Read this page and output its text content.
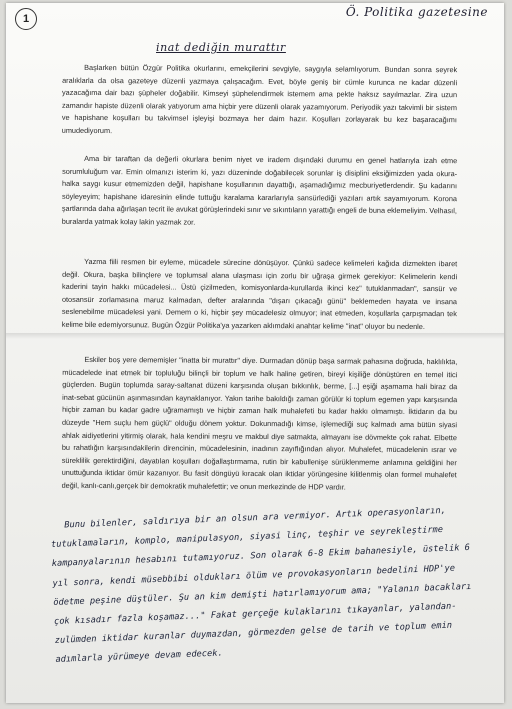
1	Ö. Politika gazetesine
inat dediğin murattır

Başlarken bütün Özgür Politika okurlarını, emekçilerini sevgiyle, saygıyla selamlıyorum. Bundan sonra seyrek aralıklarla da olsa gazeteye düzenli yazmaya çalışacağım. Evet, böyle geniş bir cümle kurunca ne kadar düzenli yazacağıma dair bazı şüpheler doğabilir. Kimseyi şüphelendirmek istemem ama pekte haksız sayılmazlar. Zira uzun zamandır hapiste düzenli olarak yatıyorum ama hiçbir yere düzenli olarak yazamıyorum. Periyodik yazı takvimli bir sistem ve hapishane koşulları bu takvimsel işleyişi bozmaya her daim hazır. Koşulları zorlayarak bu kez başaracağımı umudediyorum.

Ama bir taraftan da değerli okurlara benim niyet ve iradem dışındaki durumu en genel hatlarıyla izah etme sorumluluğum var. Emin olmanızı isterim ki, yazı düzeninde doğabilecek sorunlar iş disiplini eksiğimizden yada okura-halka saygı kusur etmemizden değil, hapishane koşullarının dayattığı, aşamadığımız mecburiyetlerdendir. Şu kadarını söyleyeyim; hapishane idaresinin elinde tuttuğu karalama kararlarıyla sansürlediği yazıları artık sayamıyorum. Korona şartlarında daha ağırlaşan tecrit ile avukat görüşlerindeki sınır ve sıkıntıların yarattığı engeli de buna eklemeliyim. Velhasıl, buralarda yatmak kolay lakin yazmak zor.

Yazma fiili resmen bir eyleme, mücadele sürecine dönüşüyor. Çünkü sadece kelimeleri kağıda dizmekten ibaret değil. Okura, başka bilinçlere ve toplumsal alana ulaşması için zorlu bir uğraşa girmek gerekiyor: Kelimelerin kendi kaderini tayin hakkı mücadelesi... Üstü çizilmeden, komisyonlarda-kurullarda ikinci kez" tutuklanmadan", sansür ve otosansür zorlamasına maruz kalmadan, defter aralarında "dışarı çıkacağı günü" beklemeden hayata ve insana seslenebilme mücadelesi yani. Demem o ki, hiçbir şey mücadelesiz olmuyor; inat etmeden, koşullarla çarpışmadan tek kelime bile edemiyorsunuz. Bugün Özgür Politika'ya yazarken aklımdaki anahtar kelime "inat" oluyor bu nedenle.

Eskiler boş yere dememişler "inatta bir murattır" diye. Durmadan dönüp başa sarmak pahasına doğruda, haklılıkta, mücadelede inat etmek bir topluluğu bilinçli bir toplum ve halk haline getiren, bireyi kişiliğe dönüştüren en temel itici güçlerden. Bugün toplumda saray-saltanat düzeni karşısında oluşan bıkkınlık, berme, [...] eşiği aşamama hali biraz da inat-sebat gücünün aşınmasından kaynaklanıyor. Yakın tarihe bakıldığı zaman görülür ki toplum egemen yapı karşısında hiçbir zaman bu kadar gadre uğramamıştı ve hiçbir zaman halk muhalefeti bu kadar hakkı olmamıştı. İktidarın da bu düzeyde "Hem suçlu hem güçlü" olduğu dönem yoktur. Dokunmadığı kimse, işlemediği suç kalmadı ama bütün siyasi ahlak aidiyetlerini yitirmiş olarak, hala kendini meşru ve makbul diye satmakta, almayanı ise dövmekte çok rahat. Elbette bu rahatlığın karşısındakilerin direncinin, mücadelesinin, inadının zayıflığından alıyor. Muhalefet, mücadelenin ısrar ve süreklilik gerektirdiğini, dayatılan koşulları doğallaştırmama, rutin bir kabullenişe sürüklenmeme anlamına geldiğini her unuttuğunda iktidar ömür kazanıyor. Bu fasit döngüyü kıracak olan iktidar yörüngesine kilitlenmiş olan formel muhalefet değil, kanlı-canlı,gerçek bir demokratik muhalefettir; ve onun merkezinde de HDP vardır.

Bunu bilenler, saldırıya bir an olsun ara vermiyor. Artık operasyonların, tutuklamaların, komplo, manipulasyon, siyasi linç, teşhir ve seyrekleştirme kampanyalarının hesabını tutamıyoruz. Son olarak 6-8 Ekim bahanesiyle, üstelik 6 yıl sonra, kendi müsebbibi oldukları ölüm ve provokasyonların bedelini HDP'ye ödetme peşine düştüler. Şu an kim demişti hatırlamıyorum ama; "Yalanın bacakları çok kısadır fazla koşamaz..." Fakat gerçeğe kulaklarını tıkayanlar, yalandan-zulümden iktidar kuranlar duymazdan, görmezden gelse de tarih ve toplum emin adımlarla yürümeye devam edecek.
